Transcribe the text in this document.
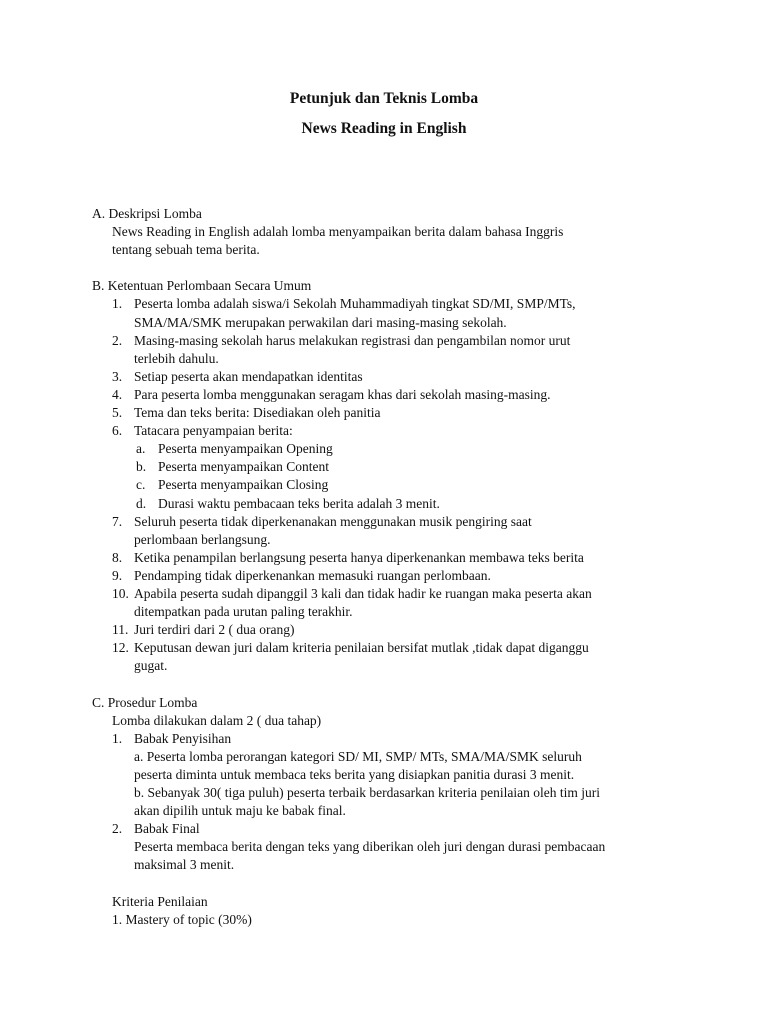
Petunjuk dan Teknis Lomba
News Reading in English
A. Deskripsi Lomba
News Reading in English adalah lomba menyampaikan berita dalam bahasa Inggris
tentang sebuah tema berita.
B. Ketentuan Perlombaan Secara Umum
1. Peserta lomba adalah siswa/i Sekolah Muhammadiyah tingkat SD/MI, SMP/MTs,
SMA/MA/SMK merupakan perwakilan dari masing-masing sekolah.
2. Masing-masing sekolah harus melakukan registrasi dan pengambilan nomor urut
terlebih dahulu.
3. Setiap peserta akan mendapatkan identitas
4. Para peserta lomba menggunakan seragam khas dari sekolah masing-masing.
5. Tema dan teks berita: Disediakan oleh panitia
6. Tatacara penyampaian berita:
a. Peserta menyampaikan Opening
b. Peserta menyampaikan Content
c. Peserta menyampaikan Closing
d. Durasi waktu pembacaan teks berita adalah 3 menit.
7. Seluruh peserta tidak diperkenanakan menggunakan musik pengiring saat
perlombaan berlangsung.
8. Ketika penampilan berlangsung peserta hanya diperkenankan membawa teks berita
9. Pendamping tidak diperkenankan memasuki ruangan perlombaan.
10. Apabila peserta sudah dipanggil 3 kali dan tidak hadir ke ruangan maka peserta akan
ditempatkan pada urutan paling terakhir.
11. Juri terdiri dari 2 ( dua orang)
12. Keputusan dewan juri dalam kriteria penilaian bersifat mutlak ,tidak dapat diganggu
gugat.
C. Prosedur Lomba
Lomba dilakukan dalam 2 ( dua tahap)
1. Babak Penyisihan
a. Peserta lomba perorangan kategori SD/ MI, SMP/ MTs, SMA/MA/SMK seluruh
peserta diminta untuk membaca teks berita yang disiapkan panitia durasi 3 menit.
b. Sebanyak 30( tiga puluh) peserta terbaik berdasarkan kriteria penilaian oleh tim juri
akan dipilih untuk maju ke babak final.
2. Babak Final
Peserta membaca berita dengan teks yang diberikan oleh juri dengan durasi pembacaan
maksimal 3 menit.
Kriteria Penilaian
1. Mastery of topic (30%)
